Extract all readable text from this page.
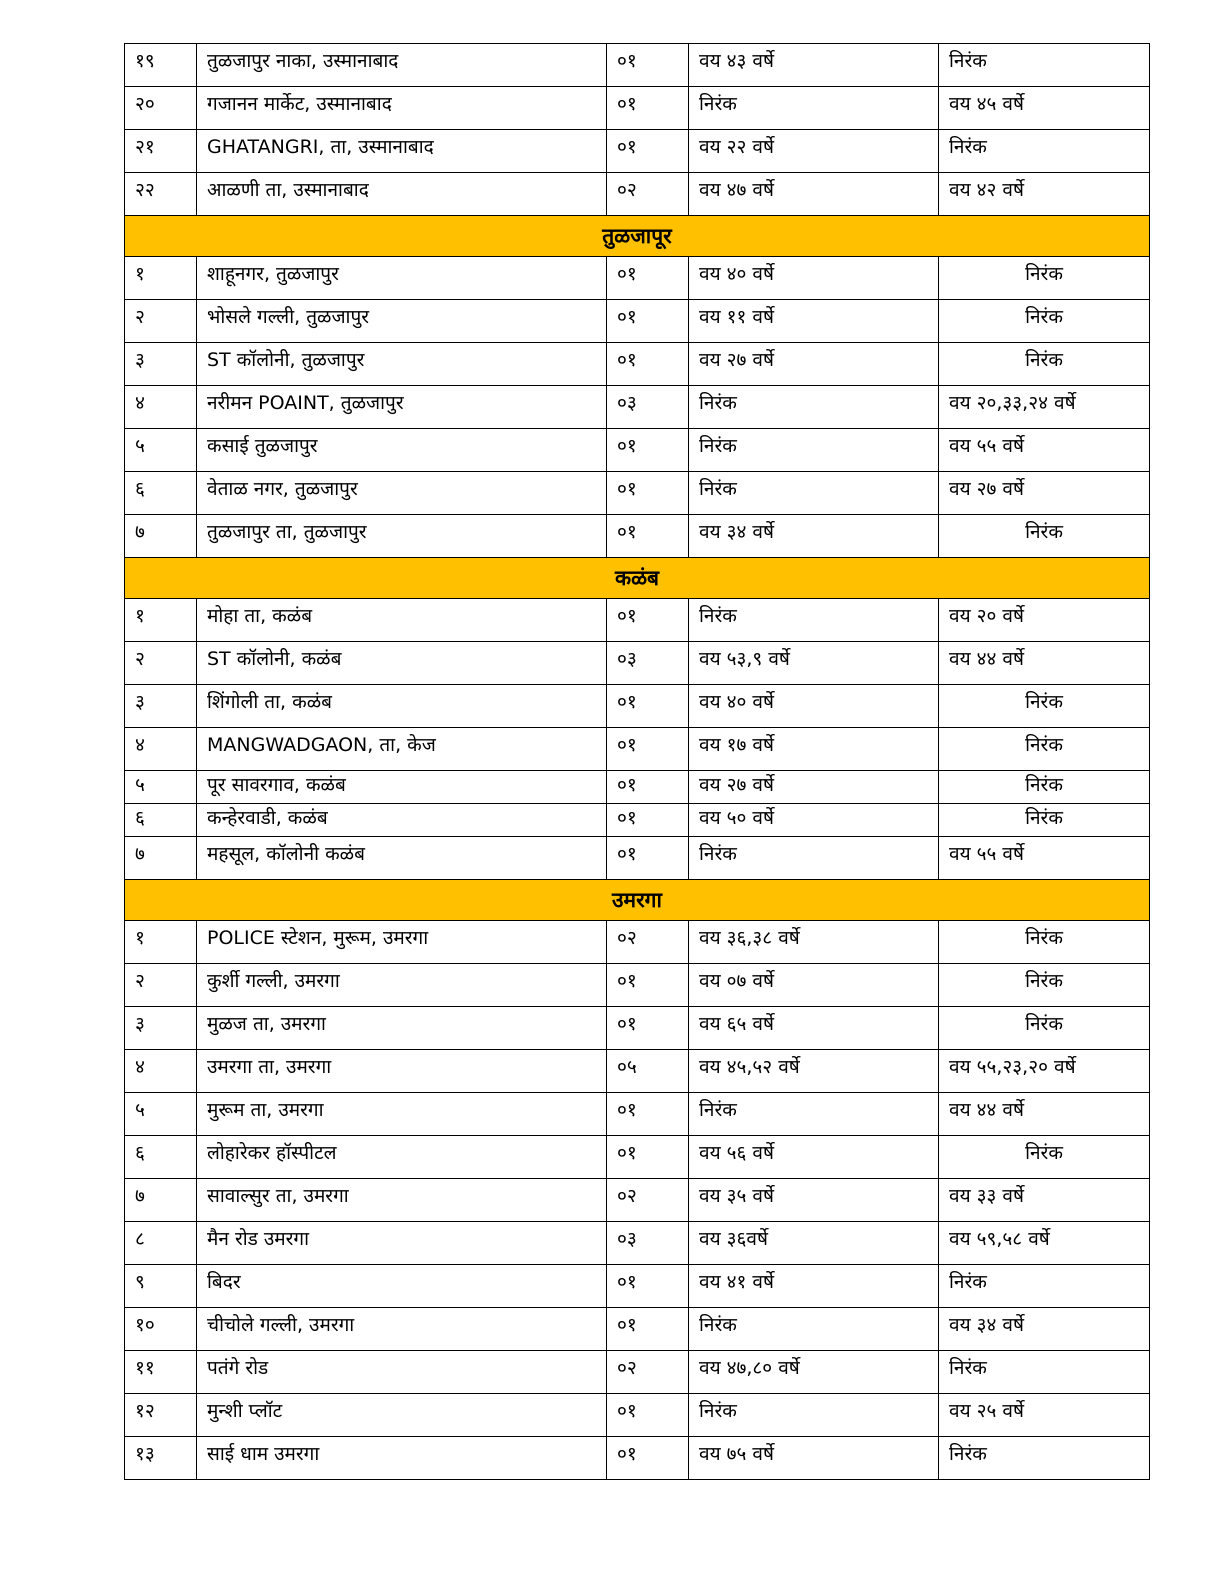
१९	तुळजापुर नाका, उस्मानाबाद	०१	वय ४३ वर्षे	निरंक
२०	गजानन मार्केट, उस्मानाबाद	०१	निरंक	वय ४५ वर्षे
२१	GHATANGRI, ता, उस्मानाबाद	०१	वय २२ वर्षे	निरंक
२२	आळणी ता, उस्मानाबाद	०२	वय ४७ वर्षे	वय ४२ वर्षे
तुळजापूर				
१	शाहूनगर, तुळजापुर	०१	वय ४० वर्षे	निरंक
२	भोसले गल्ली, तुळजापुर	०१	वय ११ वर्षे	निरंक
३	ST कॉलोनी, तुळजापुर	०१	वय २७ वर्षे	निरंक
४	नरीमन POAINT, तुळजापुर	०३	निरंक	वय २०,३३,२४ वर्षे
५	कसाई तुळजापुर	०१	निरंक	वय ५५ वर्षे
६	वेताळ नगर, तुळजापुर	०१	निरंक	वय २७ वर्षे
७	तुळजापुर ता, तुळजापुर	०१	वय ३४ वर्षे	निरंक
कळंब				
१	मोहा ता, कळंब	०१	निरंक	वय २० वर्षे
२	ST कॉलोनी, कळंब	०३	वय ५३,९ वर्षे	वय ४४ वर्षे
३	शिंगोली ता, कळंब	०१	वय ४० वर्षे	निरंक
४	MANGWADGAON, ता, केज	०१	वय १७ वर्षे	निरंक
५	पूर सावरगाव, कळंब	०१	वय २७ वर्षे	निरंक
६	कन्हेरवाडी, कळंब	०१	वय ५० वर्षे	निरंक
७	महसूल, कॉलोनी कळंब	०१	निरंक	वय ५५ वर्षे
उमरगा				
१	POLICE स्टेशन, मुरूम, उमरगा	०२	वय ३६,३८ वर्षे	निरंक
२	कुर्शी गल्ली, उमरगा	०१	वय ०७ वर्षे	निरंक
३	मुळज ता, उमरगा	०१	वय ६५ वर्षे	निरंक
४	उमरगा ता, उमरगा	०५	वय ४५,५२ वर्षे	वय ५५,२३,२० वर्षे
५	मुरूम ता, उमरगा	०१	निरंक	वय ४४ वर्षे
६	लोहारेकर हॉस्पीटल	०१	वय ५६ वर्षे	निरंक
७	सावाल्सुर ता, उमरगा	०२	वय ३५ वर्षे	वय ३३ वर्षे
८	मैन रोड उमरगा	०३	वय ३६वर्षे	वय ५९,५८ वर्षे
९	बिदर	०१	वय ४१ वर्षे	निरंक
१०	चीचोले गल्ली, उमरगा	०१	निरंक	वय ३४ वर्षे
११	पतंगे रोड	०२	वय ४७,८० वर्षे	निरंक
१२	मुन्शी प्लॉट	०१	निरंक	वय २५ वर्षे
१३	साई धाम उमरगा	०१	वय ७५ वर्षे	निरंक
